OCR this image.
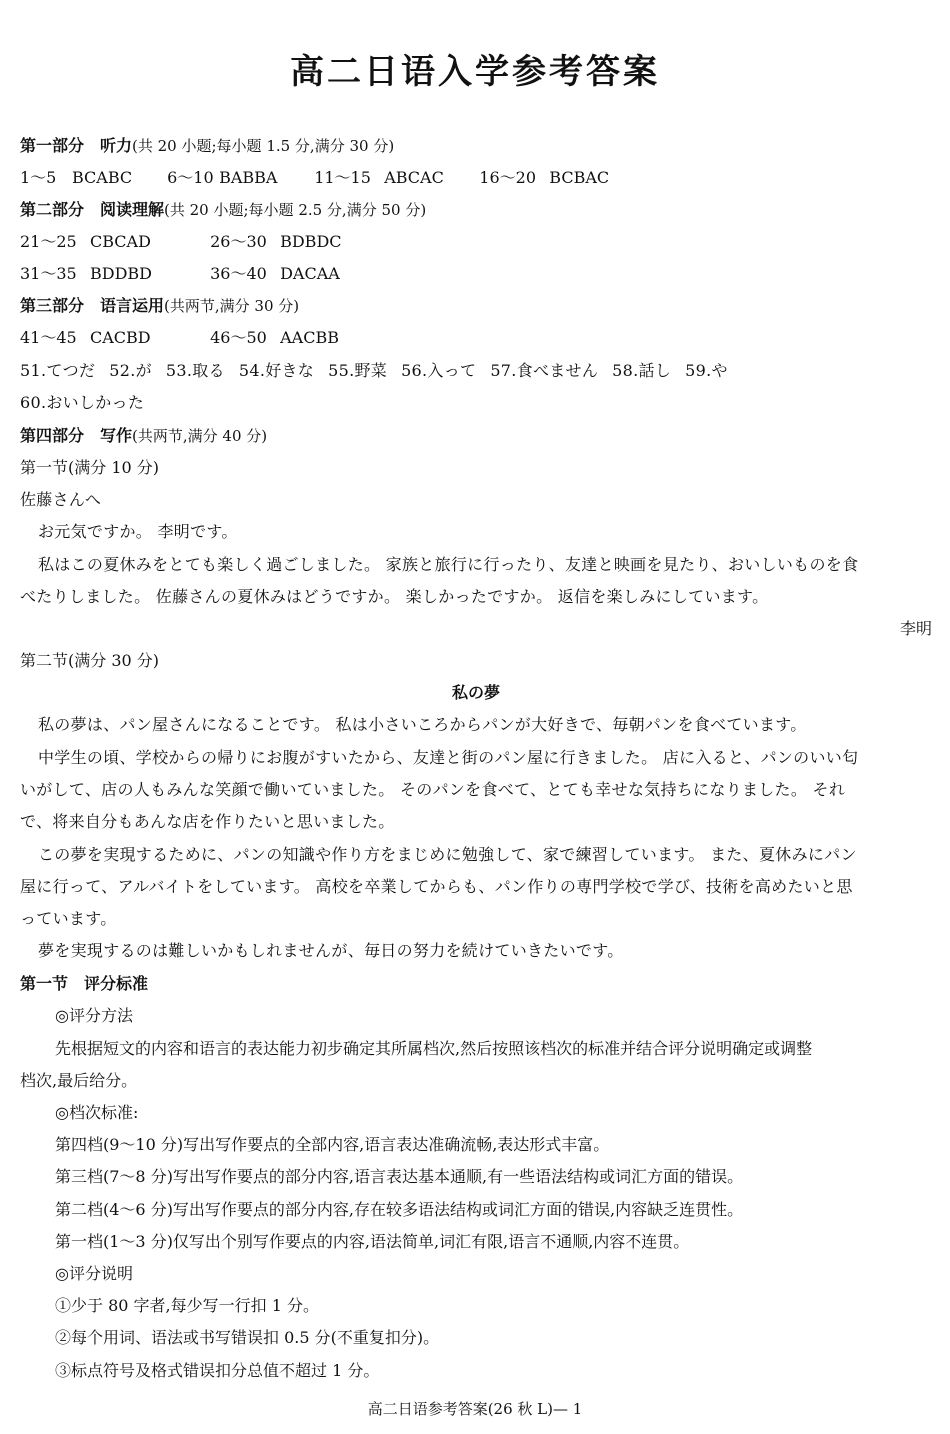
高二日语入学参考答案
第一部分　听力(共 20 小题;每小题 1.5 分,满分 30 分)
1～5 BCABC 6～10 BABBA 11～15 ABCAC 16～20 BCBAC
第二部分　阅读理解(共 20 小题;每小题 2.5 分,满分 50 分)
21～25 CBCAD	26～30 BDBDC
31～35 BDDBD	36～40 DACAA
第三部分　语言运用(共两节,满分 30 分)
41～45 CACBD	46～50 AACBB
51.てつだ 52.が 53.取る 54.好きな 55.野菜 56.入って 57.食べません 58.話し 59.や
60.おいしかった
第四部分　写作(共两节,满分 40 分)
第一节(满分 10 分)
佐藤さんへ
お元気ですか。 李明です。
私はこの夏休みをとても楽しく過ごしました。 家族と旅行に行ったり、友達と映画を見たり、おいしいものを食
べたりしました。 佐藤さんの夏休みはどうですか。 楽しかったですか。 返信を楽しみにしています。
李明
第二节(满分 30 分)
私の夢
私の夢は、パン屋さんになることです。 私は小さいころからパンが大好きで、毎朝パンを食べています。
中学生の頃、学校からの帰りにお腹がすいたから、友達と街のパン屋に行きました。 店に入ると、パンのいい匂
いがして、店の人もみんな笑顔で働いていました。 そのパンを食べて、とても幸せな気持ちになりました。 それ
で、将来自分もあんな店を作りたいと思いました。
この夢を実現するために、パンの知識や作り方をまじめに勉強して、家で練習しています。 また、夏休みにパン
屋に行って、アルバイトをしています。 高校を卒業してからも、パン作りの専門学校で学び、技術を高めたいと思
っています。
夢を実現するのは難しいかもしれませんが、毎日の努力を続けていきたいです。
第一节　评分标准
◎评分方法
先根据短文的内容和语言的表达能力初步确定其所属档次,然后按照该档次的标准并结合评分说明确定或调整
档次,最后给分。
◎档次标准:
第四档(9～10 分)写出写作要点的全部内容,语言表达准确流畅,表达形式丰富。
第三档(7～8 分)写出写作要点的部分内容,语言表达基本通顺,有一些语法结构或词汇方面的错误。
第二档(4～6 分)写出写作要点的部分内容,存在较多语法结构或词汇方面的错误,内容缺乏连贯性。
第一档(1～3 分)仅写出个别写作要点的内容,语法简单,词汇有限,语言不通顺,内容不连贯。
◎评分说明
①少于 80 字者,每少写一行扣 1 分。
②每个用词、语法或书写错误扣 0.5 分(不重复扣分)。
③标点符号及格式错误扣分总值不超过 1 分。
高二日语参考答案(26 秋 L)— 1
